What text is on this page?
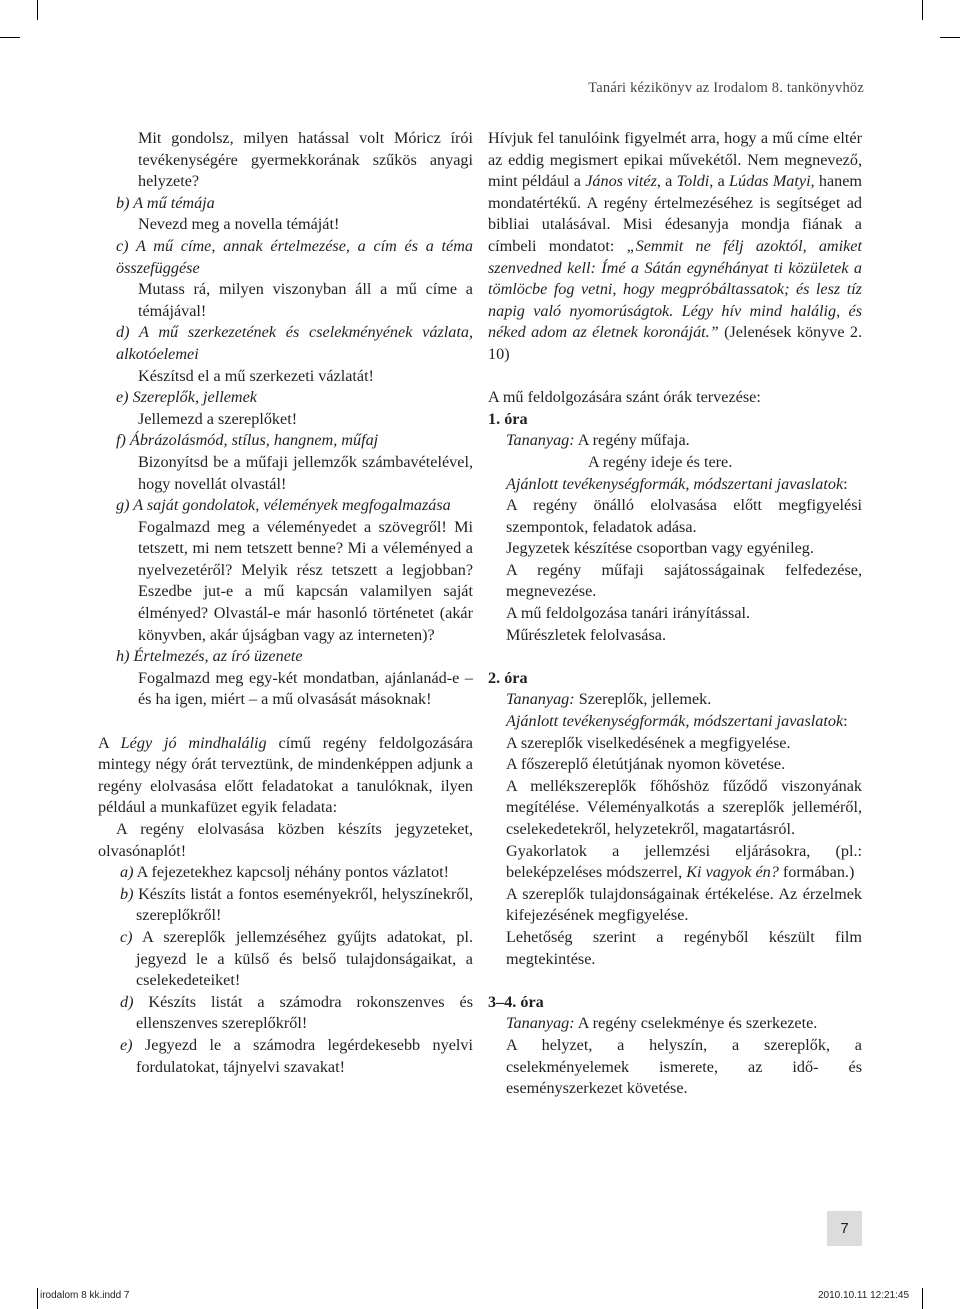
Tanári kézikönyv az Irodalom 8. tankönyvhöz

Mit gondolsz, milyen hatással volt Móricz írói tevékenységére gyermekkorának szűkös anyagi helyzete?

b) A mű témája

Nevezd meg a novella témáját!

c) A mű címe, annak értelmezése, a cím és a téma összefüggése

Mutass rá, milyen viszonyban áll a mű címe a témájával!

d) A mű szerkezetének és cselekményének vázlata, alkotóelemei

Készítsd el a mű szerkezeti vázlatát!

e) Szereplők, jellemek

Jellemezd a szereplőket!

f) Ábrázolásmód, stílus, hangnem, műfaj

Bizonyítsd be a műfaji jellemzők számbavételével, hogy novellát olvastál!

g) A saját gondolatok, vélemények megfogalmazása

Fogalmazd meg a véleményedet a szövegről! Mi tetszett, mi nem tetszett benne? Mi a véleményed a nyelvezetéről? Melyik rész tetszett a legjobban? Eszedbe jut-e a mű kapcsán valamilyen saját élményed? Olvastál-e már hasonló történetet (akár könyvben, akár újságban vagy az interneten)?

h) Értelmezés, az író üzenete

Fogalmazd meg egy-két mondatban, ajánlanád-e – és ha igen, miért – a mű olvasását másoknak!

A Légy jó mindhalálig című regény feldolgozására mintegy négy órát terveztünk, de mindenképpen adjunk a regény elolvasása előtt feladatokat a tanulóknak, ilyen például a munkafüzet egyik feladata:

A regény elolvasása közben készíts jegyzeteket, olvasónaplót!

a) A fejezetekhez kapcsolj néhány pontos vázlatot!

b) Készíts listát a fontos eseményekről, helyszínekről, szereplőkről!

c) A szereplők jellemzéséhez gyűjts adatokat, pl. jegyezd le a külső és belső tulajdonságaikat, a cselekedeteiket!

d) Készíts listát a számodra rokonszenves és ellenszenves szereplőkről!

e) Jegyezd le a számodra legérdekesebb nyelvi fordulatokat, tájnyelvi szavakat!

Hívjuk fel tanulóink figyelmét arra, hogy a mű címe eltér az eddig megismert epikai művekétől. Nem megnevező, mint például a János vitéz, a Toldi, a Lúdas Matyi, hanem mondatértékű. A regény értelmezéséhez is segítséget ad bibliai utalásával. Misi édesanyja mondja fiának a címbeli mondatot: „Semmit ne félj azoktól, amiket szenvedned kell: Ímé a Sátán egynéhányat ti közületek a tömlöcbe fog vetni, hogy megpróbáltassatok; és lesz tíz napig való nyomorúságtok. Légy hív mind halálig, és néked adom az életnek koronáját.” (Jelenések könyve 2. 10)

A mű feldolgozására szánt órák tervezése:

1. óra

Tananyag: A regény műfaja.

A regény ideje és tere.

Ajánlott tevékenységformák, módszertani javaslatok:

A regény önálló elolvasása előtt megfigyelési szempontok, feladatok adása.

Jegyzetek készítése csoportban vagy egyénileg.

A regény műfaji sajátosságainak felfedezése, megnevezése.

A mű feldolgozása tanári irányítással.

Műrészletek felolvasása.

2. óra

Tananyag: Szereplők, jellemek.

Ajánlott tevékenységformák, módszertani javaslatok:

A szereplők viselkedésének a megfigyelése.

A főszereplő életútjának nyomon követése.

A mellékszereplők főhőshöz fűződő viszonyának megítélése. Véleményalkotás a szereplők jelleméről, cselekedetekről, helyzetekről, magatartásról.

Gyakorlatok a jellemzési eljárásokra, (pl.: beleképzeléses módszerrel, Ki vagyok én? formában.)

A szereplők tulajdonságainak értékelése. Az érzelmek kifejezésének megfigyelése.

Lehetőség szerint a regényből készült film megtekintése.

3–4. óra

Tananyag: A regény cselekménye és szerkezete.

A helyzet, a helyszín, a szereplők, a cselekményelemek ismerete, az idő- és eseményszerkezet követése.

7
irodalom 8 kk.indd 7	2010.10.11 12:21:45
